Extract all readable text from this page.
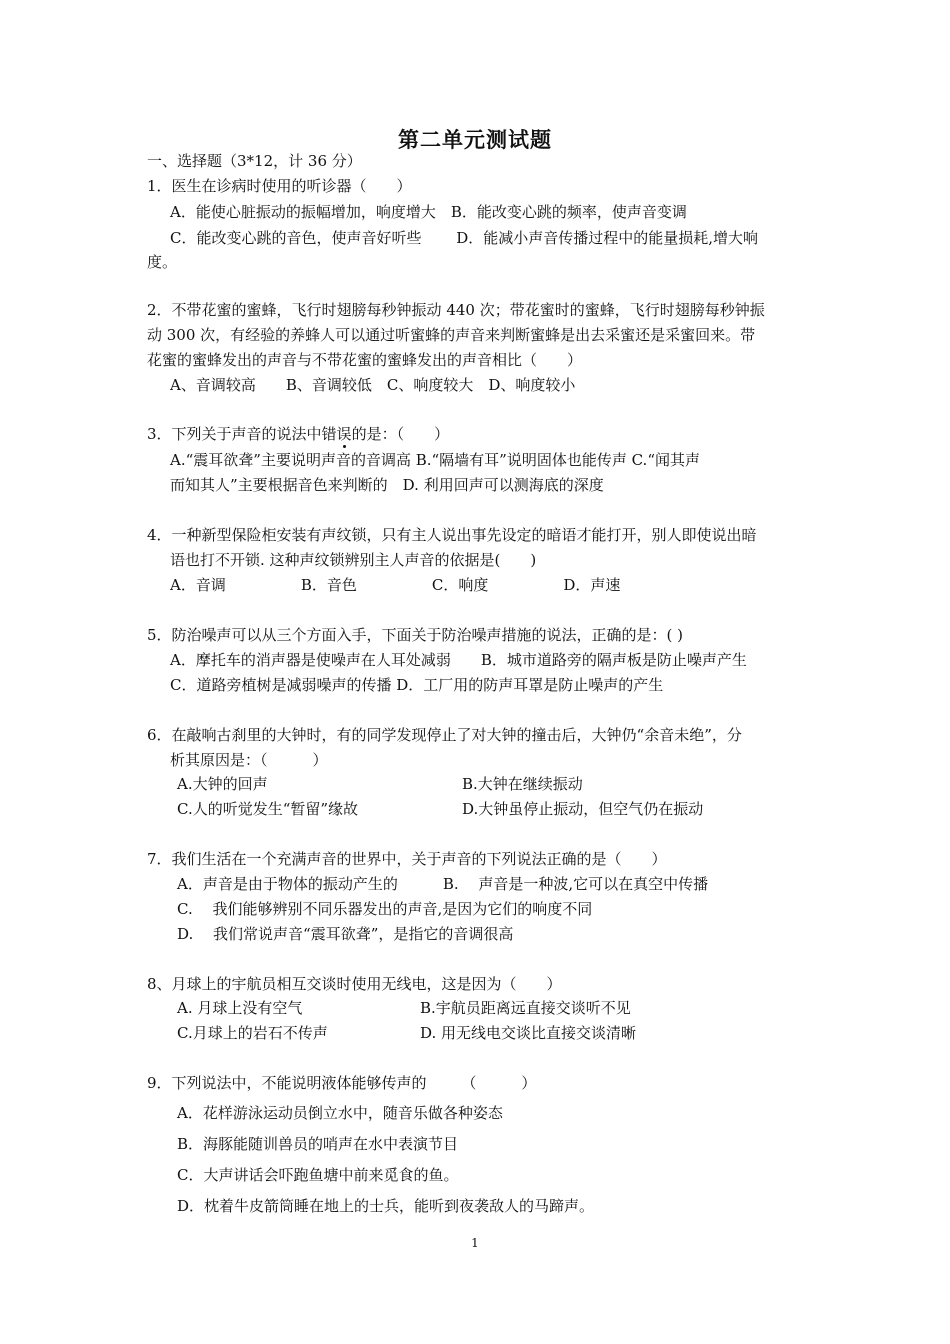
第二单元测试题
一、选择题（3*12，计 36 分）
1．医生在诊病时使用的听诊器（　　）
A．能使心脏振动的振幅增加，响度增大　B．能改变心跳的频率，使声音变调
C．能改变心跳的音色，使声音好听些　　 D．能减小声音传播过程中的能量损耗,增大响
度。
2．不带花蜜的蜜蜂，飞行时翅膀每秒钟振动 440 次；带花蜜时的蜜蜂，飞行时翅膀每秒钟振
动 300 次，有经验的养蜂人可以通过听蜜蜂的声音来判断蜜蜂是出去采蜜还是采蜜回来。带
花蜜的蜜蜂发出的声音与不带花蜜的蜜蜂发出的声音相比（　　）
A、音调较高　　B、音调较低　C、响度较大　D、响度较小
3．下列关于声音的说法中错误的是：（　　）
A.“震耳欲聋”主要说明声音的音调高 B.“隔墙有耳”说明固体也能传声 C.“闻其声
而知其人”主要根据音色来判断的　D. 利用回声可以测海底的深度
4．一种新型保险柜安装有声纹锁，只有主人说出事先设定的暗语才能打开，别人即使说出暗
语也打不开锁. 这种声纹锁辨别主人声音的依据是(　　)
A．音调　　　　　B．音色　　　　　C．响度　　　　　D．声速
5．防治噪声可以从三个方面入手，下面关于防治噪声措施的说法，正确的是：( )
A．摩托车的消声器是使噪声在人耳处减弱　　B．城市道路旁的隔声板是防止噪声产生
C．道路旁植树是减弱噪声的传播 D．工厂用的防声耳罩是防止噪声的产生
6．在敲响古刹里的大钟时，有的同学发现停止了对大钟的撞击后，大钟仍“余音未绝”，分
析其原因是：（　　　）
A.大钟的回声	B.大钟在继续振动
C.人的听觉发生“暂留”缘故	D.大钟虽停止振动，但空气仍在振动
7．我们生活在一个充满声音的世界中，关于声音的下列说法正确的是（　　）
A．声音是由于物体的振动产生的　　　B.　 声音是一种波,它可以在真空中传播
C.　 我们能够辨别不同乐器发出的声音,是因为它们的响度不同
D.　 我们常说声音“震耳欲聋”，是指它的音调很高
8、月球上的宇航员相互交谈时使用无线电，这是因为（　　）
A. 月球上没有空气	B.宇航员距离远直接交谈听不见
C.月球上的岩石不传声	D. 用无线电交谈比直接交谈清晰
9．下列说法中，不能说明液体能够传声的　　 （　　　）
A．花样游泳运动员倒立水中，随音乐做各种姿态
B．海豚能随训兽员的哨声在水中表演节目
C．大声讲话会吓跑鱼塘中前来觅食的鱼。
D．枕着牛皮箭筒睡在地上的士兵，能听到夜袭敌人的马蹄声。
1
